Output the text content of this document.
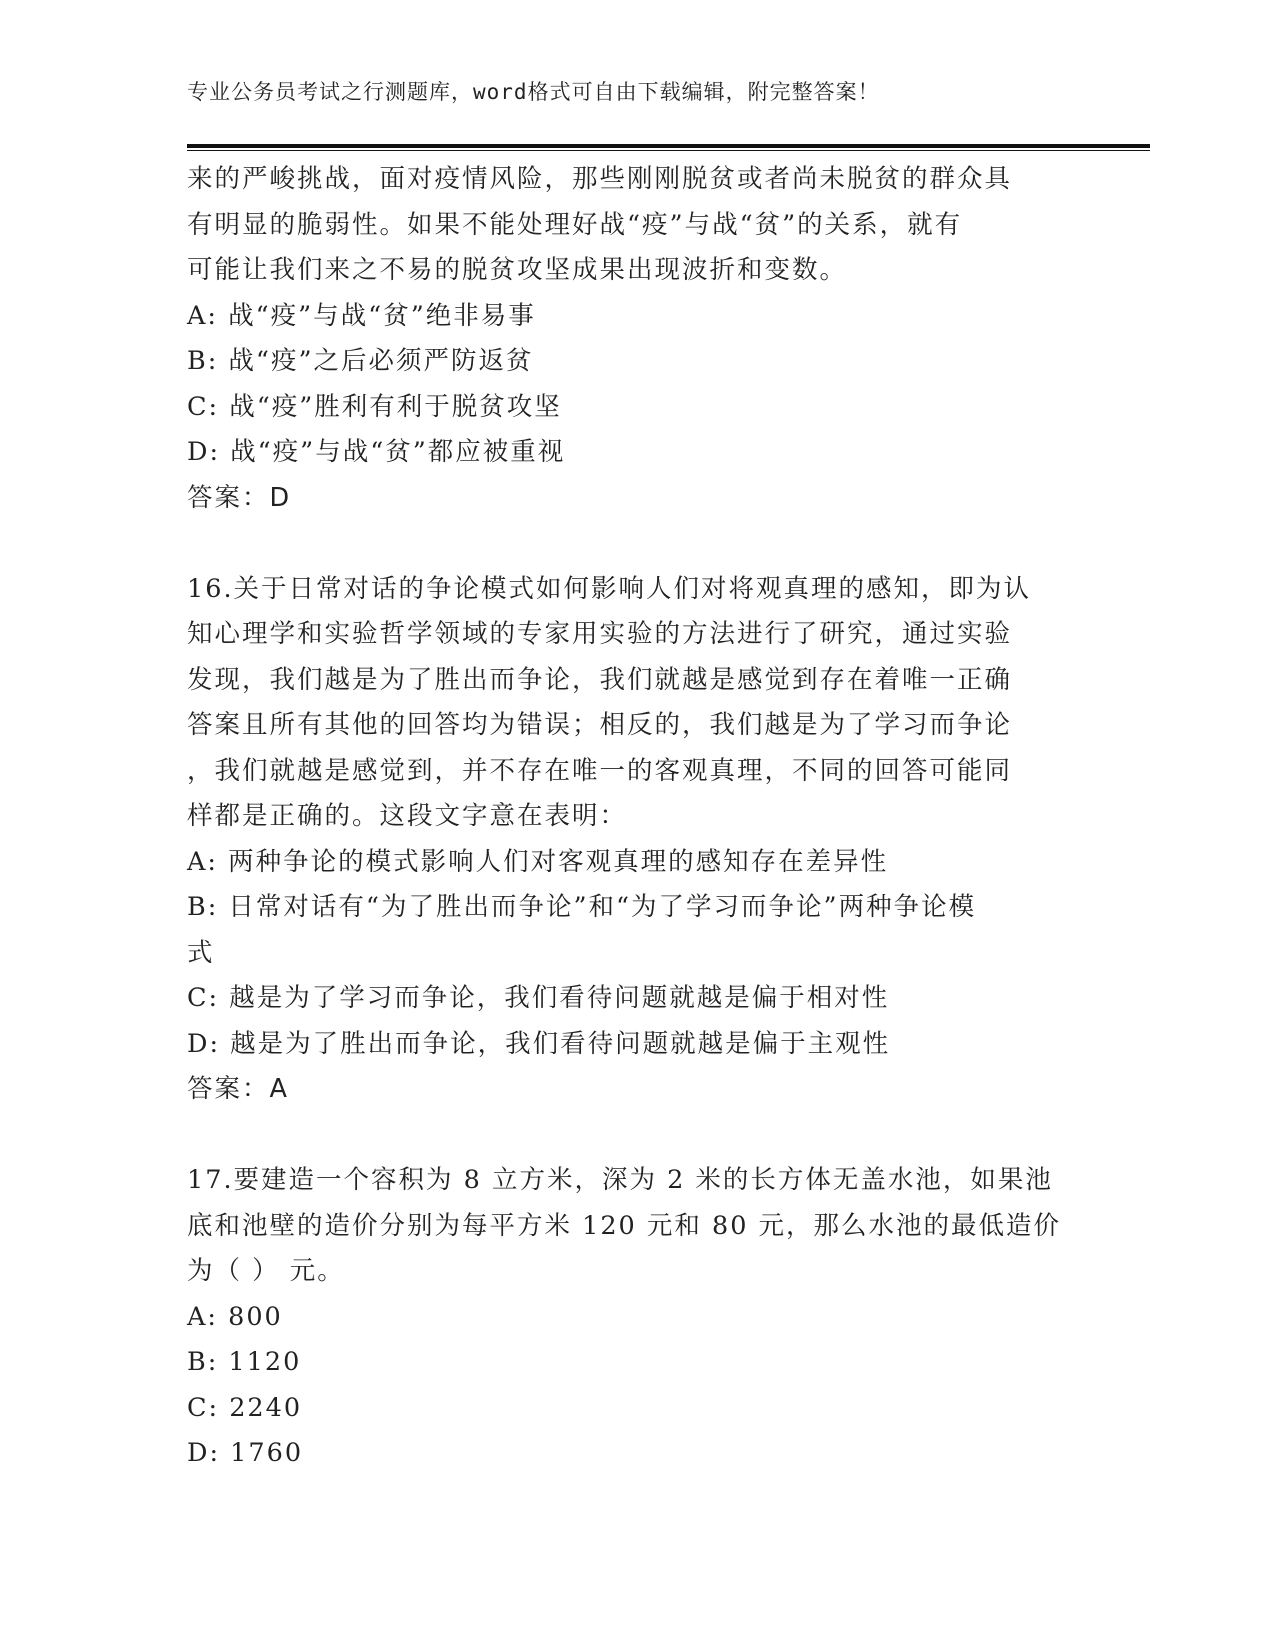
专业公务员考试之行测题库，word格式可自由下载编辑，附完整答案！
来的严峻挑战，面对疫情风险，那些刚刚脱贫或者尚未脱贫的群众具
有明显的脆弱性。如果不能处理好战“疫”与战“贫”的关系，就有
可能让我们来之不易的脱贫攻坚成果出现波折和变数。
A: 战“疫”与战“贫”绝非易事
B: 战“疫”之后必须严防返贫
C: 战“疫”胜利有利于脱贫攻坚
D: 战“疫”与战“贫”都应被重视
答案：D
16.关于日常对话的争论模式如何影响人们对将观真理的感知，即为认
知心理学和实验哲学领域的专家用实验的方法进行了研究，通过实验
发现，我们越是为了胜出而争论，我们就越是感觉到存在着唯一正确
答案且所有其他的回答均为错误；相反的，我们越是为了学习而争论
，我们就越是感觉到，并不存在唯一的客观真理，不同的回答可能同
样都是正确的。这段文字意在表明：
A: 两种争论的模式影响人们对客观真理的感知存在差异性
B: 日常对话有“为了胜出而争论”和“为了学习而争论”两种争论模
式
C: 越是为了学习而争论，我们看待问题就越是偏于相对性
D: 越是为了胜出而争论，我们看待问题就越是偏于主观性
答案：A
17.要建造一个容积为 8 立方米，深为 2 米的长方体无盖水池，如果池
底和池壁的造价分别为每平方米 120 元和 80 元，那么水池的最低造价
为（ ） 元。
A: 800
B: 1120
C: 2240
D: 1760
